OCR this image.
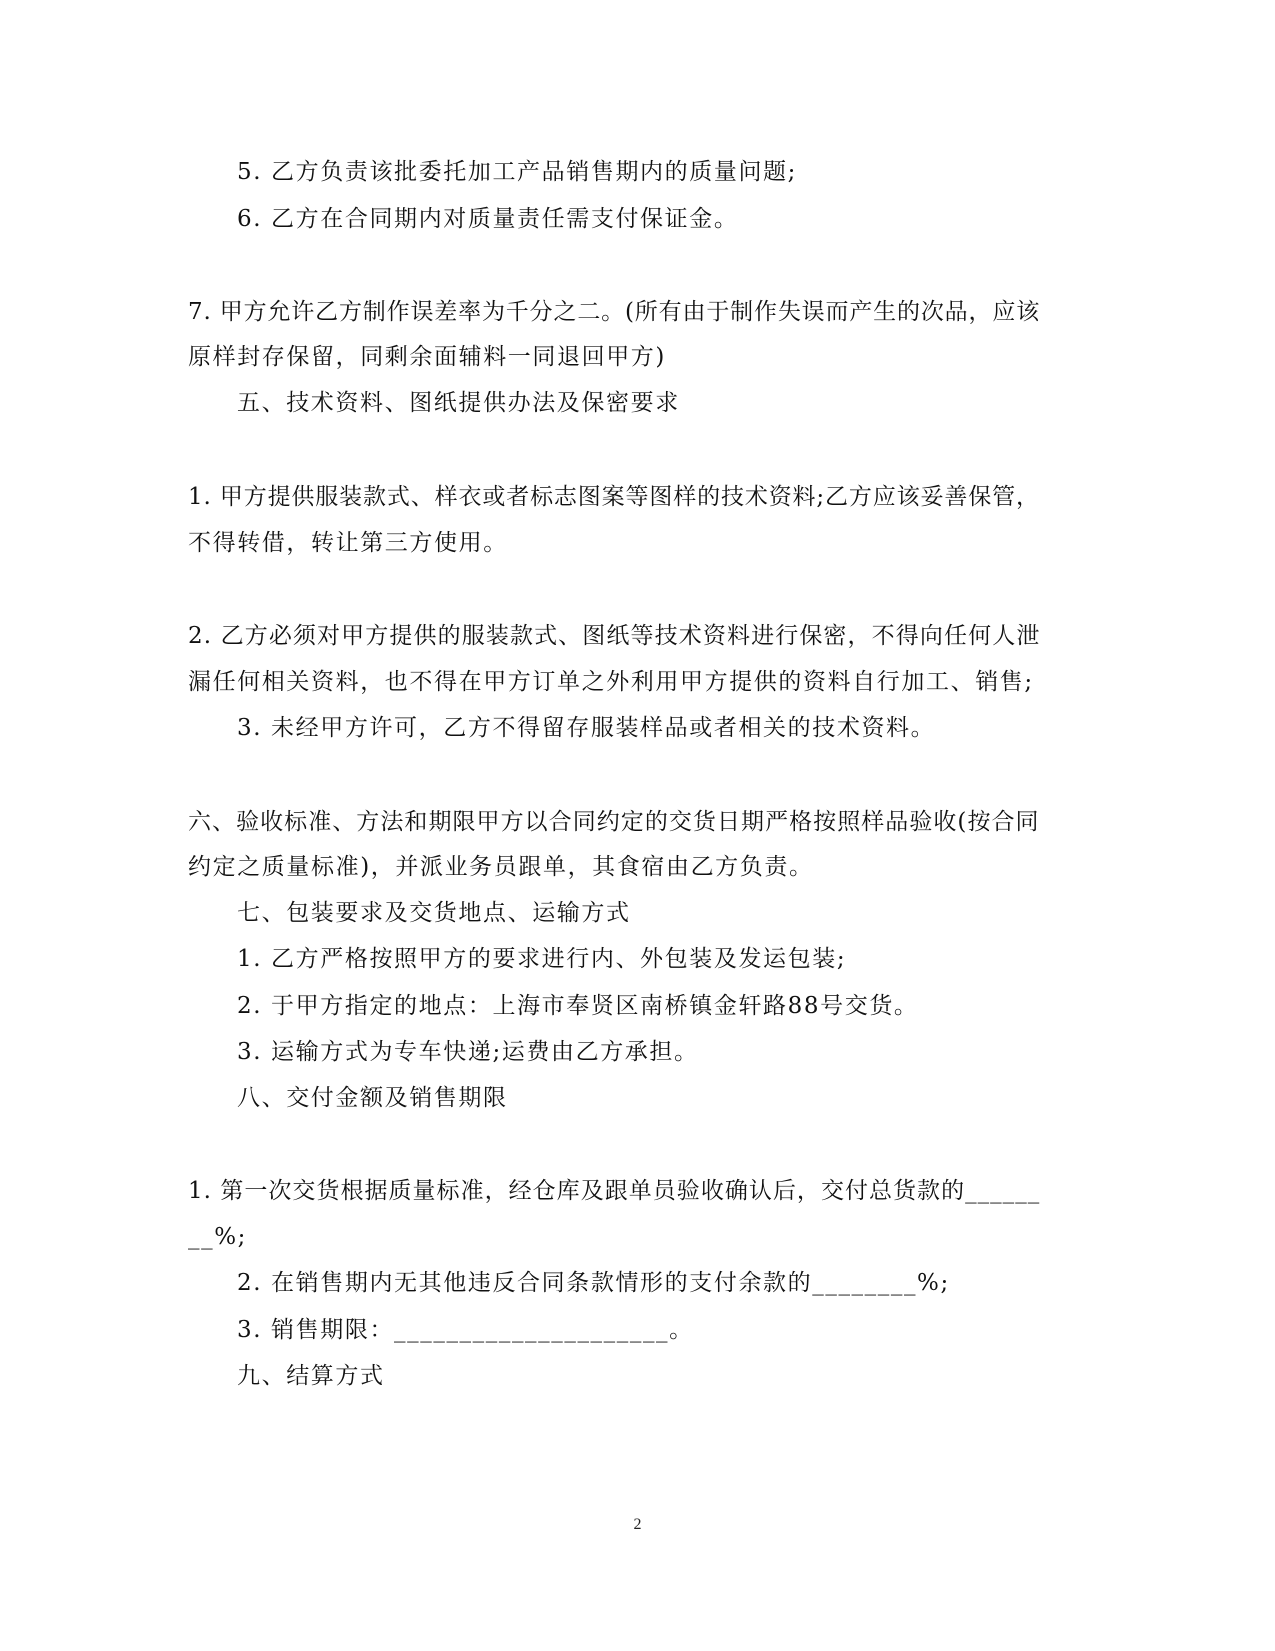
5. 乙方负责该批委托加工产品销售期内的质量问题;
6. 乙方在合同期内对质量责任需支付保证金。
7. 甲方允许乙方制作误差率为千分之二。(所有由于制作失误而产生的次品，应该
原样封存保留，同剩余面辅料一同退回甲方)
五、技术资料、图纸提供办法及保密要求
1. 甲方提供服装款式、样衣或者标志图案等图样的技术资料;乙方应该妥善保管，
不得转借，转让第三方使用。
2. 乙方必须对甲方提供的服装款式、图纸等技术资料进行保密，不得向任何人泄
漏任何相关资料，也不得在甲方订单之外利用甲方提供的资料自行加工、销售;
3. 未经甲方许可，乙方不得留存服装样品或者相关的技术资料。
六、验收标准、方法和期限甲方以合同约定的交货日期严格按照样品验收(按合同
约定之质量标准)，并派业务员跟单，其食宿由乙方负责。
七、包装要求及交货地点、运输方式
1. 乙方严格按照甲方的要求进行内、外包装及发运包装;
2. 于甲方指定的地点：上海市奉贤区南桥镇金轩路88号交货。
3. 运输方式为专车快递;运费由乙方承担。
八、交付金额及销售期限
1. 第一次交货根据质量标准，经仓库及跟单员验收确认后，交付总货款的______
__%;
2. 在销售期内无其他违反合同条款情形的支付余款的________%;
3. 销售期限：_____________________。
九、结算方式
2
